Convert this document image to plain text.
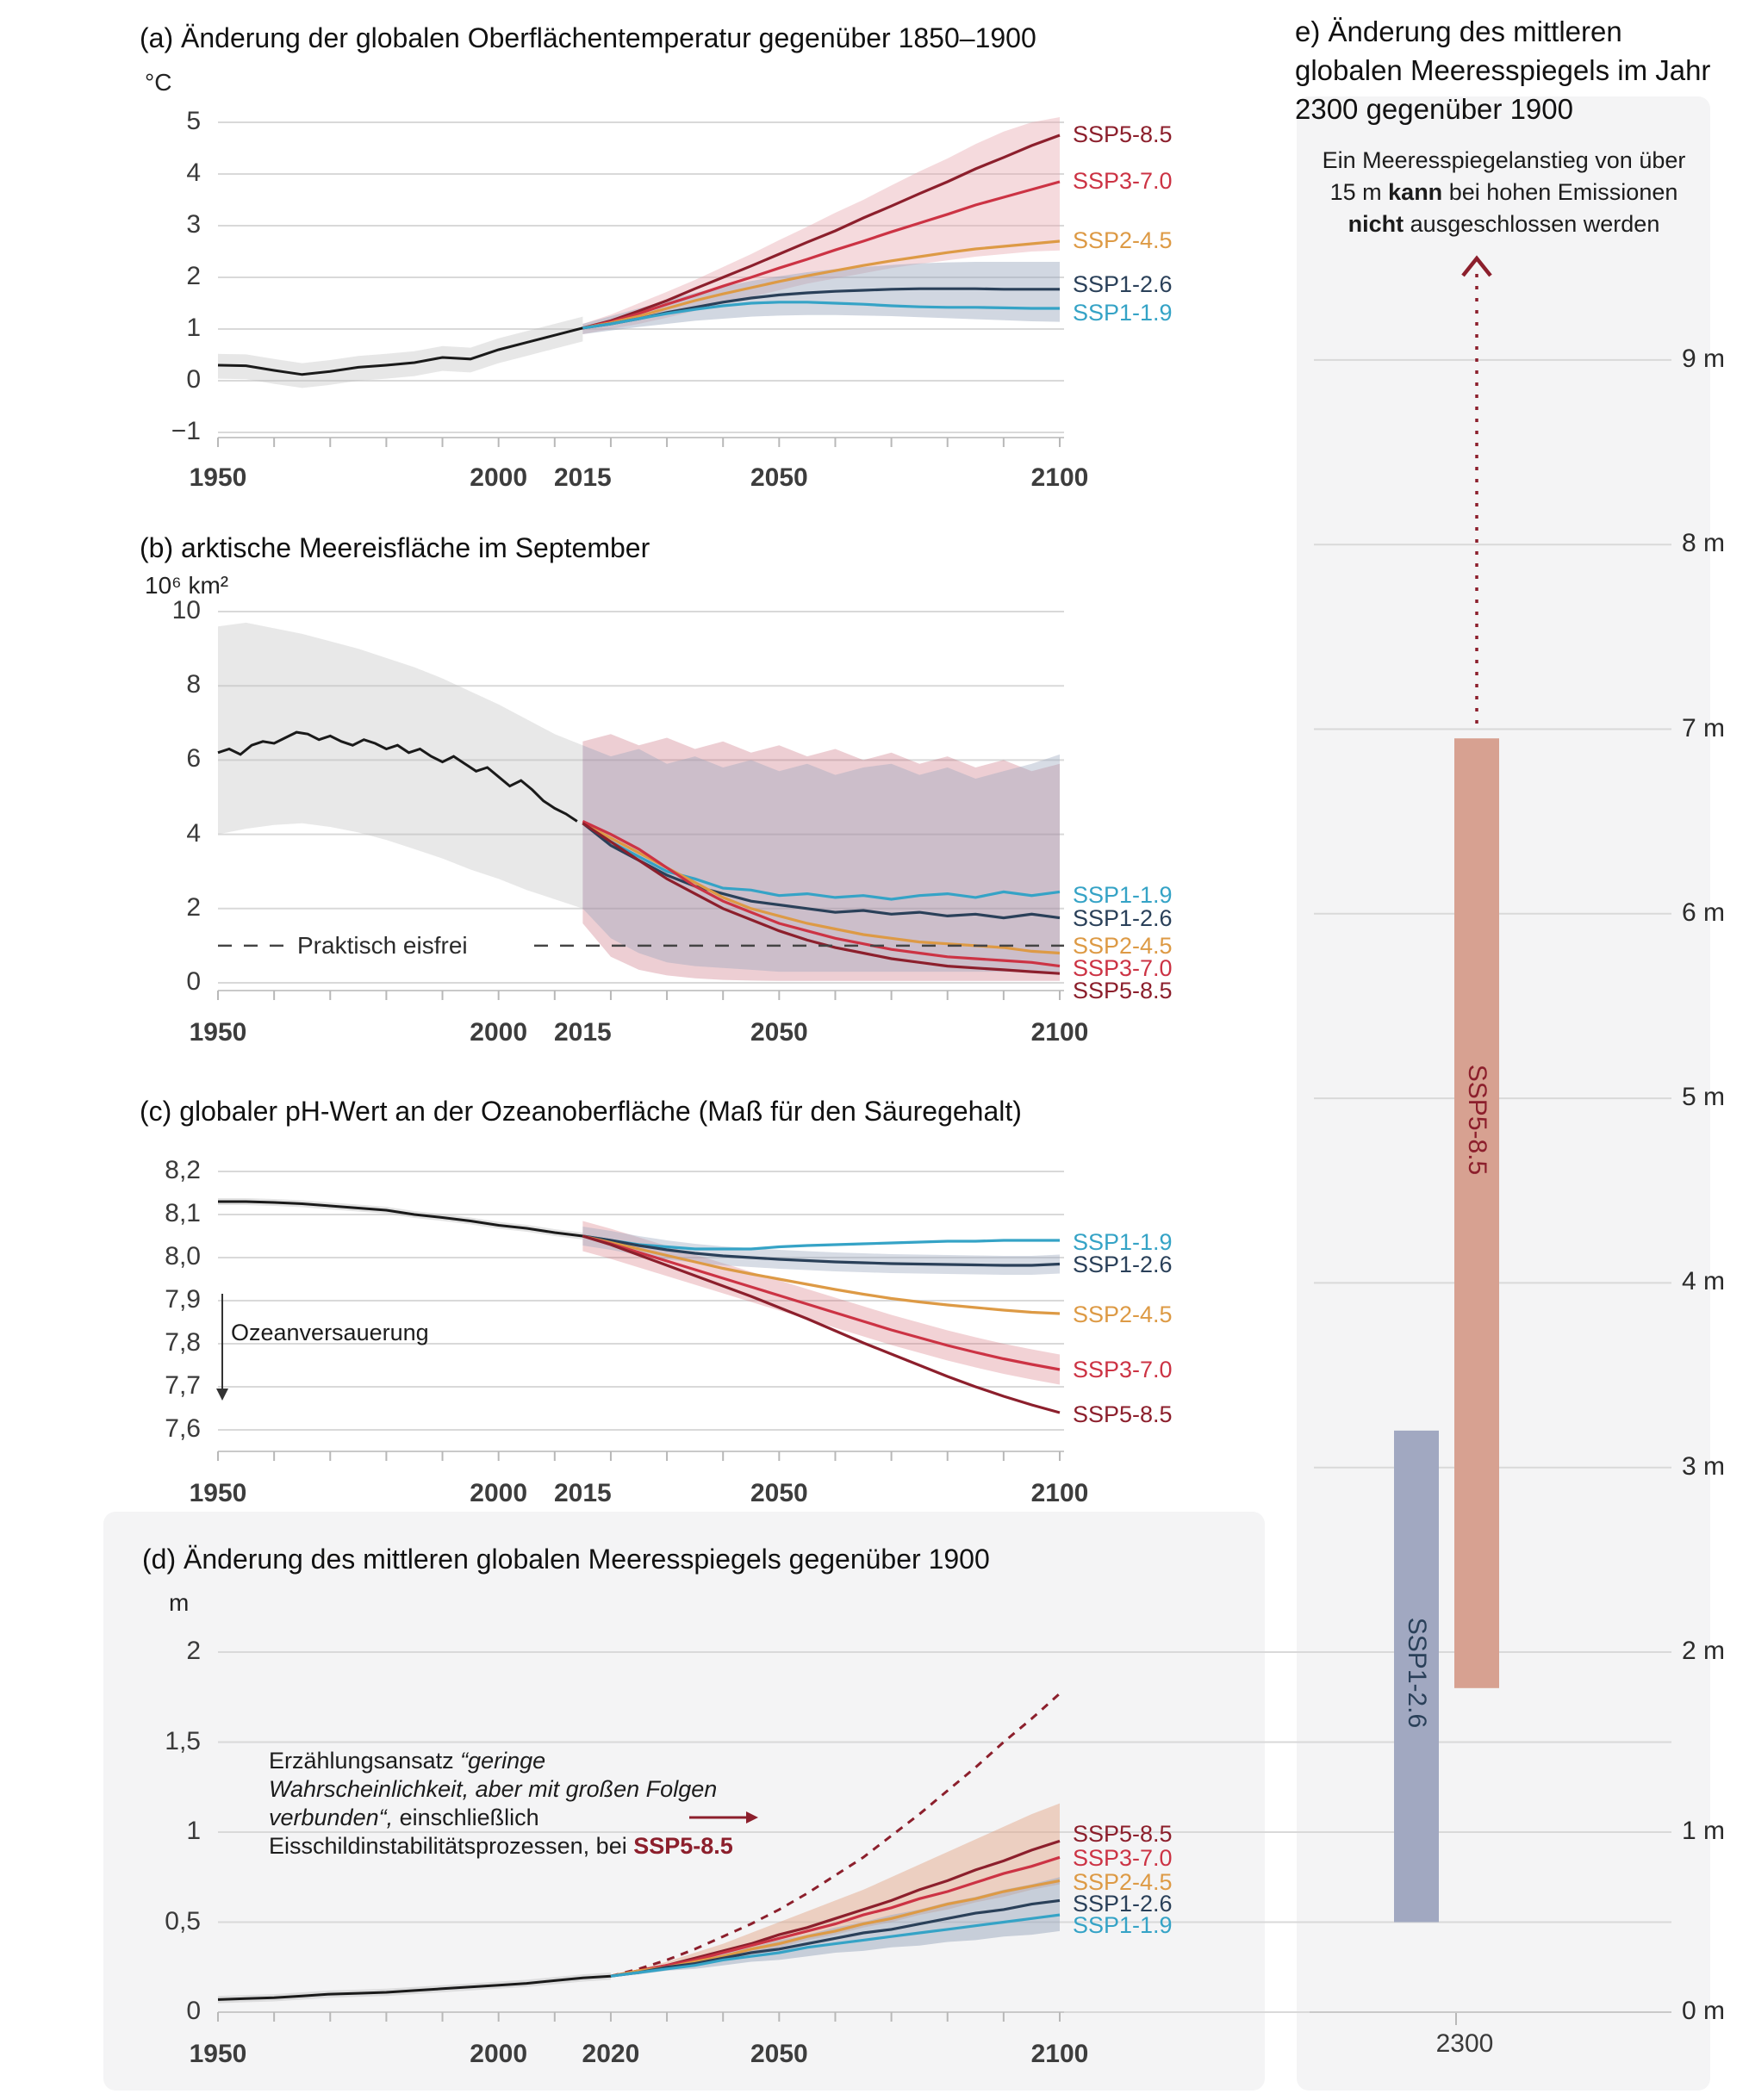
(a) Änderung der globalen Oberflächentemperatur gegenüber 1850–1900
°C
(b) arktische Meereisfläche im September
10⁶ km²
(c) globaler pH-Wert an der Ozeanoberfläche (Maß für den Säuregehalt)
(d) Änderung des mittleren globalen Meeresspiegels gegenüber 1900
m
e) Änderung des mittleren globalen Meeresspiegels im Jahr 2300 gegenüber 1900
Ein Meeresspiegelanstieg von über 15 m kann bei hohen Emissionen nicht ausgeschlossen werden
Praktisch eisfrei
Ozeanversauerung
Erzählungsansatz “geringe Wahrscheinlichkeit, aber mit großen Folgen verbunden“, einschließlich Eisschildinstabilitätsprozessen, bei SSP5-8.5
SSP5-8.5
SSP1-2.6
2300
5
4
3
2
1
0
−1
SSP5-8.5
SSP3-7.0
SSP2-4.5
SSP1-2.6
SSP1-1.9
1950	2000	2015	2050	2100
10
8
6
4
2
0
SSP1-1.9
SSP1-2.6
SSP2-4.5
SSP3-7.0
SSP5-8.5
1950	2000	2015	2050	2100
8,2
8,1
8,0
7,9
7,8
7,7
7,6
SSP1-1.9
SSP1-2.6
SSP2-4.5
SSP3-7.0
SSP5-8.5
1950	2000	2015	2050	2100
2
1,5
1
0,5
0
SSP5-8.5
SSP3-7.0
SSP2-4.5
SSP1-2.6
SSP1-1.9
1950	2000	2020	2050	2100
0 m
1 m
2 m
3 m
4 m
5 m
6 m
7 m
8 m
9 m
